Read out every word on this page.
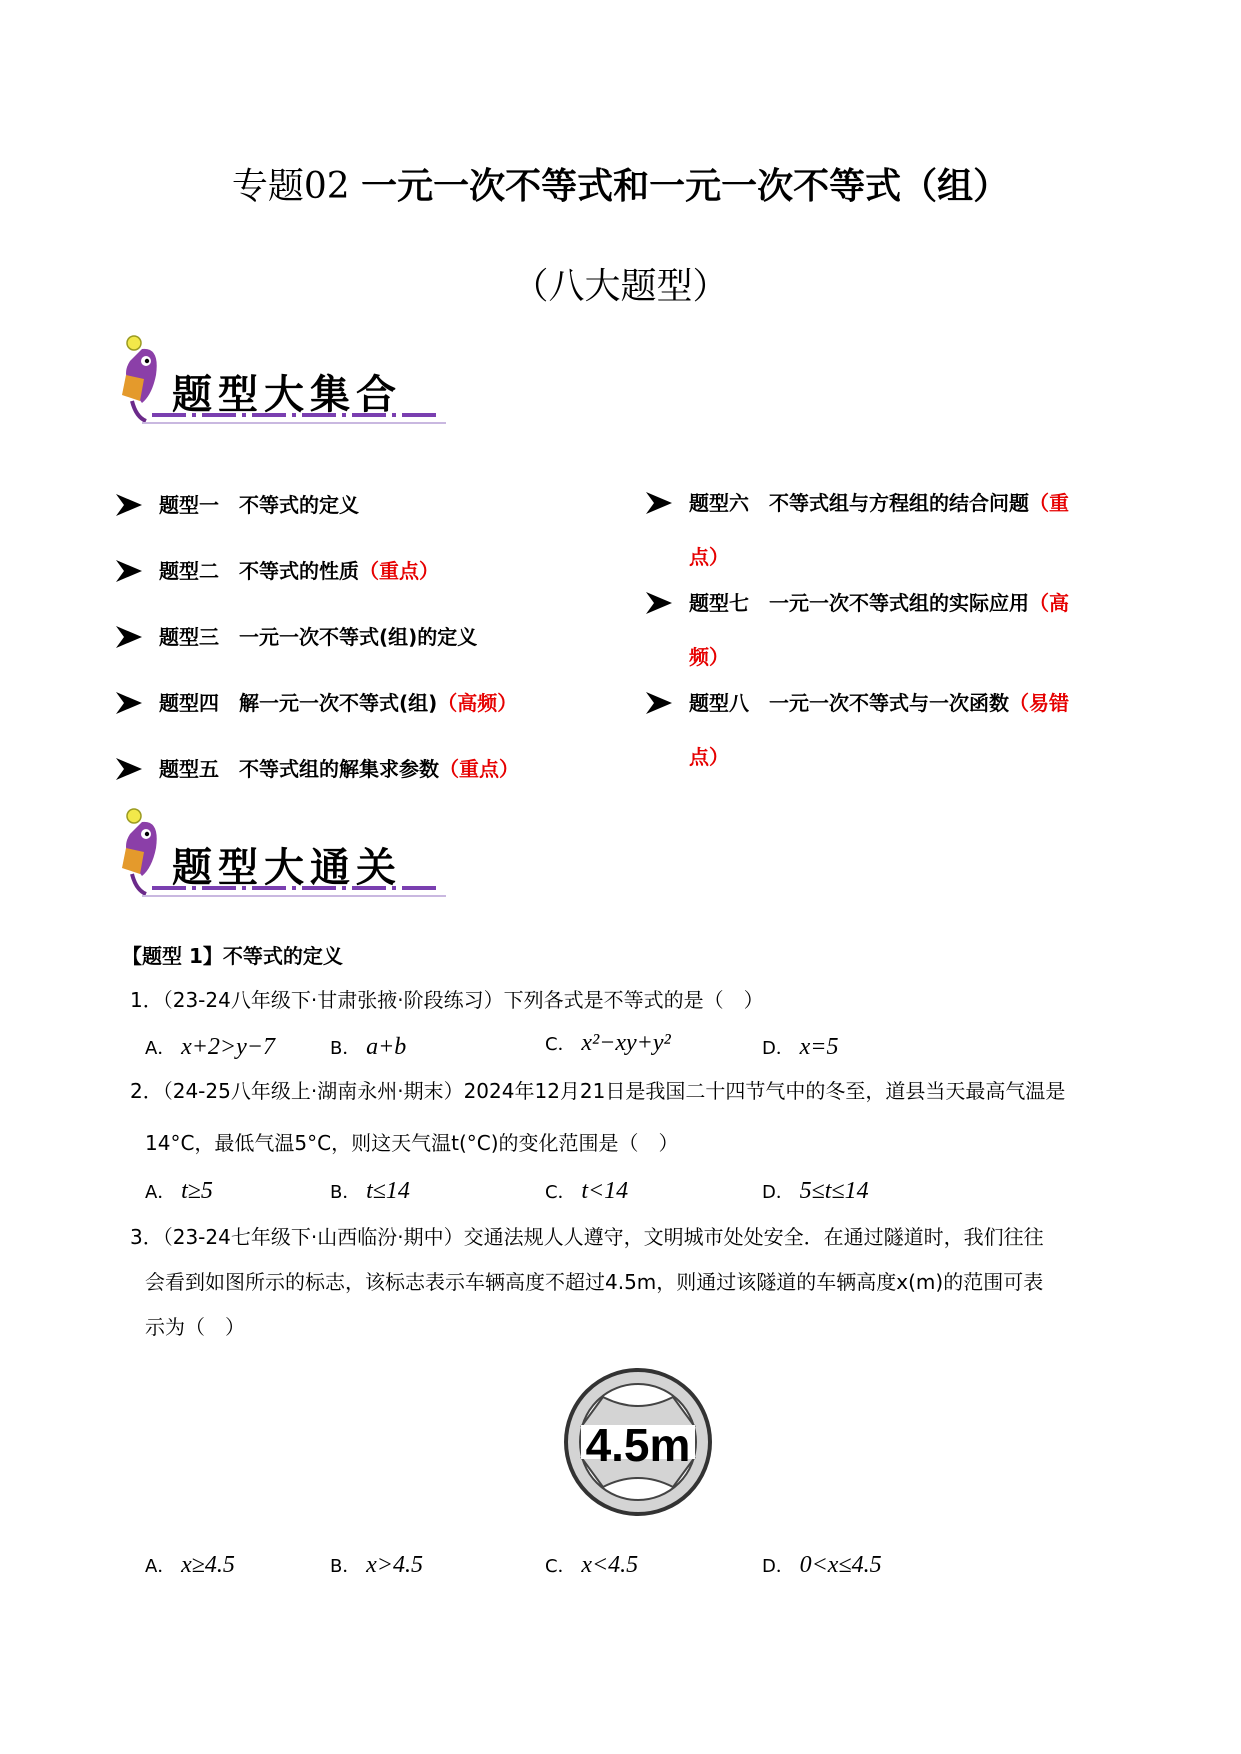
专题02 一元一次不等式和一元一次不等式（组）
（八大题型）
题型大集合
题型一　不等式的定义
题型二　不等式的性质 （重点）
题型三　一元一次不等式(组)的定义
题型四　解一元一次不等式(组) （高频）
题型五　不等式组的解集求参数 （重点）
题型六　不等式组与方程组的结合问题 （重
点）
题型七　一元一次不等式组的实际应用 （高
频）
题型八　一元一次不等式与一次函数 （易错
点）
题型大通关
【题型 1】不等式的定义
1．（23-24八年级下·甘肃张掖·阶段练习）下列各式是不等式的是（　）
A． x+2>y−7	B． a+b	C． x²−xy+y²	D． x=5
2．（24-25八年级上·湖南永州·期末）2024年12月21日是我国二十四节气中的冬至，道县当天最高气温是
14°C，最低气温5°C，则这天气温t(°C)的变化范围是（　）
A． t≥5	B． t≤14	C． t<14	D． 5≤t≤14
3．（23-24七年级下·山西临汾·期中）交通法规人人遵守，文明城市处处安全．在通过隧道时，我们往往
会看到如图所示的标志，该标志表示车辆高度不超过4.5m，则通过该隧道的车辆高度x(m)的范围可表
示为（　）
4.5m
A． x≥4.5	B． x>4.5	C． x<4.5	D． 0<x≤4.5
